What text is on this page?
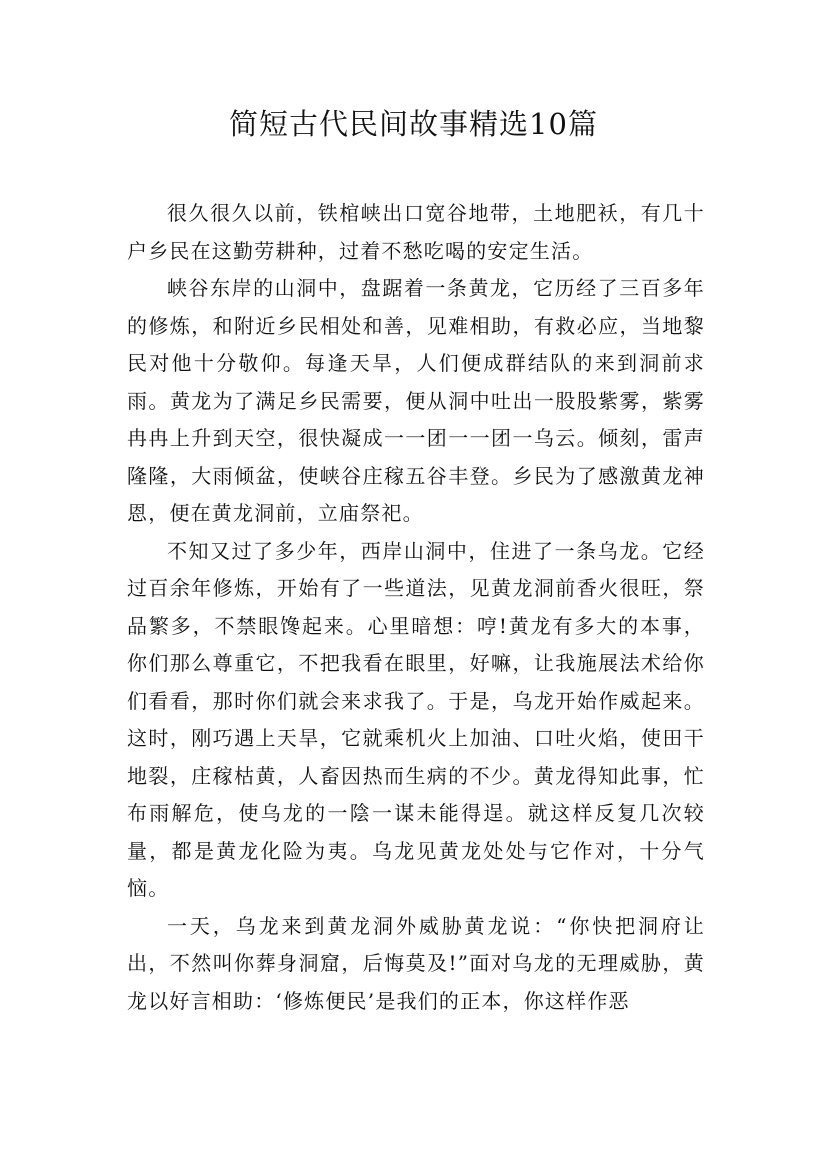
简短古代民间故事精选10篇

很久很久以前，铁棺峡出口宽谷地带，土地肥袄，有几十户乡民在这勤劳耕种，过着不愁吃喝的安定生活。

峡谷东岸的山洞中，盘踞着一条黄龙，它历经了三百多年的修炼，和附近乡民相处和善，见难相助，有救必应，当地黎民对他十分敬仰。每逢天旱，人们便成群结队的来到洞前求雨。黄龙为了满足乡民需要，便从洞中吐出一股股紫雾，紫雾冉冉上升到天空，很快凝成一一团一一团一乌云。倾刻，雷声隆隆，大雨倾盆，使峡谷庄稼五谷丰登。乡民为了感激黄龙神恩，便在黄龙洞前，立庙祭祀。

不知又过了多少年，西岸山洞中，住进了一条乌龙。它经过百余年修炼，开始有了一些道法，见黄龙洞前香火很旺，祭品繁多，不禁眼馋起来。心里暗想：哼!黄龙有多大的本事，你们那么尊重它，不把我看在眼里，好嘛，让我施展法术给你们看看，那时你们就会来求我了。于是，乌龙开始作威起来。这时，刚巧遇上天旱，它就乘机火上加油、口吐火焰，使田干地裂，庄稼枯黄，人畜因热而生病的不少。黄龙得知此事，忙布雨解危，使乌龙的一陰一谋未能得逞。就这样反复几次较量，都是黄龙化险为夷。乌龙见黄龙处处与它作对，十分气恼。

一天，乌龙来到黄龙洞外威胁黄龙说：“你快把洞府让出，不然叫你葬身洞窟，后悔莫及!”面对乌龙的无理威胁，黄龙以好言相助：‘修炼便民’是我们的正本，你这样作恶
